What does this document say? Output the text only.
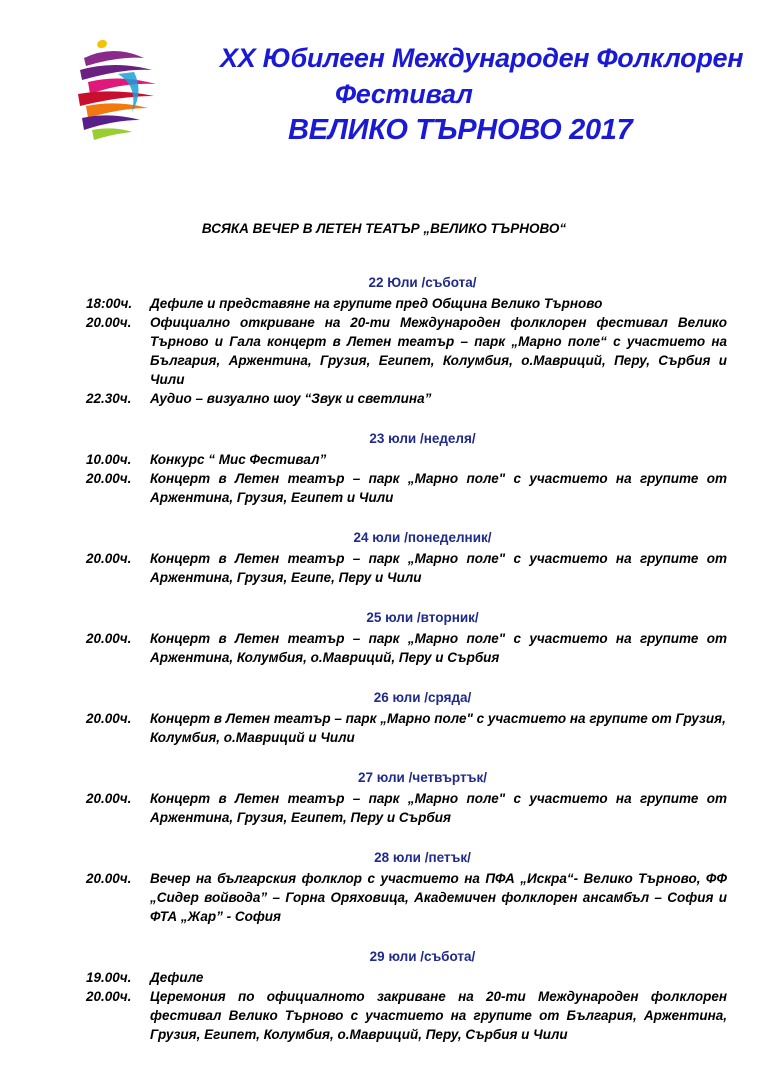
XX Юбилеен Международен Фолклорен
Фестивал
ВЕЛИКО ТЪРНОВО 2017
ВСЯКА ВЕЧЕР В ЛЕТЕН ТЕАТЪР „ВЕЛИКО ТЪРНОВО“
22 Юли /събота/
18:00ч.	Дефиле и представяне на групите пред Община Велико Търново
20.00ч.	Официално откриване на 20-ти Международен фолклорен фестивал Велико Търново и Гала концерт в Летен театър – парк „Марно поле“ с участието на България, Аржентина, Грузия, Египет, Колумбия, о.Мавриций, Перу, Сърбия и Чили
22.30ч.	Аудио – визуално шоу “Звук и светлина”
23 юли /неделя/
10.00ч.	Конкурс “ Мис Фестивал”
20.00ч.	Концерт в Летен театър – парк „Марно поле" с участието на групите от Аржентина, Грузия, Египет и Чили
24 юли /понеделник/
20.00ч.	Концерт в Летен театър – парк „Марно поле" с участието на групите от Аржентина, Грузия, Египе, Перу и Чили
25 юли /вторник/
20.00ч.	Концерт в Летен театър – парк „Марно поле" с участието на групите от Аржентина, Колумбия, о.Мавриций, Перу и Сърбия
26 юли /сряда/
20.00ч.	Концерт в Летен театър – парк „Марно поле" с участието на групите от Грузия, Колумбия, о.Мавриций и Чили
27 юли /четвъртък/
20.00ч.	Концерт в Летен театър – парк „Марно поле" с участието на групите от Аржентина, Грузия, Египет, Перу и Сърбия
28 юли /петък/
20.00ч.	Вечер на българския фолклор с участието на ПФА „Искра“- Велико Търново, ФФ „Сидер войвода” – Горна Оряховица, Академичен фолклорен ансамбъл – София и ФТА „Жар” - София
29 юли /събота/
19.00ч.	Дефиле
20.00ч.	Церемония по официалното закриване на 20-ти Международен фолклорен фестивал Велико Търново с участието на групите от България, Аржентина, Грузия, Египет, Колумбия, о.Мавриций, Перу, Сърбия и Чили
